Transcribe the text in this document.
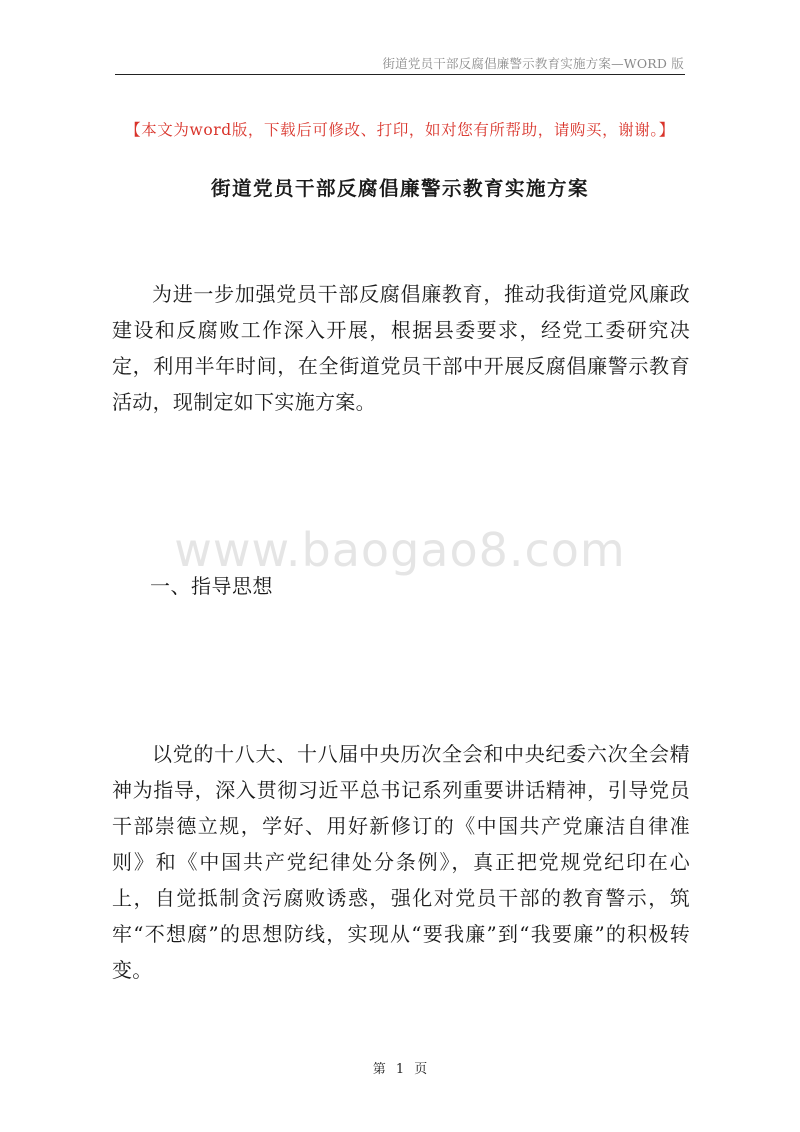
街道党员干部反腐倡廉警示教育实施方案—WORD 版
【本文为word版，下载后可修改、打印，如对您有所帮助，请购买，谢谢。】
街道党员干部反腐倡廉警示教育实施方案

为进一步加强党员干部反腐倡廉教育，推动我街道党风廉政建设和反腐败工作深入开展，根据县委要求，经党工委研究决定，利用半年时间，在全街道党员干部中开展反腐倡廉警示教育活动，现制定如下实施方案。

www.baogao8.com
一、指导思想

以党的十八大、十八届中央历次全会和中央纪委六次全会精神为指导，深入贯彻习近平总书记系列重要讲话精神，引导党员干部崇德立规，学好、用好新修订的《中国共产党廉洁自律准则》和《中国共产党纪律处分条例》，真正把党规党纪印在心上，自觉抵制贪污腐败诱惑，强化对党员干部的教育警示，筑牢“不想腐”的思想防线，实现从“要我廉”到“我要廉”的积极转变。

第 1 页
